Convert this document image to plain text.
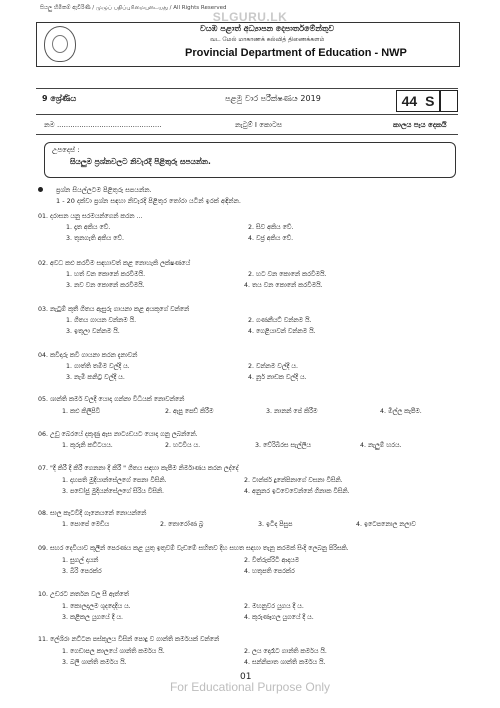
SLGURU.LK
For Educational Purpose Only
සියලු හිමිකම් ඇවිරිණි / முழுப் பதிப்புரிமையுடையது / All Rights Reserved
වයඹ පළාත් අධ්‍යාපන දෙපාර්තමේන්තුව
வட மேல் மாகாணக் கல்வித் திணைக்களம்
Provincial Department of Education - NWP
9 ශ්‍රේණිය	පළමු වාර පරීක්ෂණය
- 2019	44 S
නම ...............................................	නැටුම් I කොටස	කාලය පැය දෙකයි
උපදෙස් :
සියලුම ප්‍රශ්නවලට නිවැරදි පිළිතුරු සපයන්න.
ප්‍රශ්න සියල්ලටම පිළිතුරු සපයන්න.
1 - 20 දක්වා ප්‍රශ්න සඳහා නිවැරදි පිළිතුර තෝරා යටින් ඉරක් අඳින්න.
01. දරාසන යනු සරමයන්ගෙන් කරන ...
1. දෑත අකිය වේ.	2. සිව අකිය වේ.
3. තුනගැති අකිය වේ.	4. වජ්‍ර අකිය වේ.
02. අවධ කළු කරවීම සඳහාවත් කළ නොහැකි ලක්ෂණයේ
1. හත් වන කොනේ කරවීමයි.	2. හට වන කොනේ කරවීමයි.
3. නව වන කොනේ කරවීමයි.	4. තය වන කොනේ කරවීමයි.
03. නැටුම් කුතී ගීතය ඇසුරු ගායනා කළ අයකුගේ වන්නේ
1. ගීතය ගායන වන්නම යි.	2. ගණනීයට් වන්නම යි.
3. ඉතුලා වන්නම යි.	4. ගෙළියාවන් වන්නම යි.
04. කවිදාරු කවි ගායනා කරන දැනාවන්
1. ගාත්ති තමිම වල්දී ය.	2. වන්නම වල්දී ය.
3. නැමි කනිට්‍ර වල්දී ය.	4. නූර් නාඩක වල්දී ය.
05. ශාන්ති කර්ම වලදී යොදා ගන්නා විධියක් නොවන්නේ
1. කළු කිලිපිවී	2. ඇපු පෙඩ් කිරීම	3. නානන් පේ කිරීම	4. මිල්ල කැපීම.
06. උඩු බෙරයේ දකුණු ඇස නාට්‍යඩයට යොදා ගනු ලබන්නේ.
1. කුරුනි කට්ටයය.	2. හටවිය ය.	3. වේරිබිරස සැල්ලිය	4. නැලුම් හරය.
07. "දී කිරී දී කිරී ගෙනනා දී කිරී " ගීතය සඳහා කැපීම නිර්මාණය කරන ලද්දේ
1. දාහපති මුදියාන්සේලගේ පෙනා විසිනි.	2. ටාන්ජර් දුනේපිනාගේ වසනා විසිනි.
3. පඩෝජු මුදියන්සේලගේ සිරිය විසිනි.	4. අනුනර ඉටවෙවෙන්නේ ගිනාක විසිනි.
08. සාල කැටවිදී ගැනෙයනේ නොයන්නේ
1. පොපේ මෙඩිය	2. තොරෝණ බ්‍ර	3. ඉටිද පිසුප	4. ඉටෙපනොල නලාව
09. සහර දෙවියාව කුලීන් පෙරණය කළ යුතු ඉතුවම් වැඩමේ සහිතව දිහ සහත සඳහා තැනූ කරමක් සිංදි ලෙබනු පිරිසකි.
1. සුගල් දායන්	2. විත්රුප්රිටි ආදායම
3. බිරි පෙරක්ර	4. හතුපති පෙරක්ර
10. උඩරට නර්තන වල සී ඇත්තේ
1. කොලදලම ශුදදෙදිය ය.	2. මහනුවර යුගය දී ය.
3. කළිකල යුගයේ දී ය.	4. කුරුණෑගල යුගයේ දී ය.
11. ලේශිරා නට්ටන පස්කුලය විසින් පොදු ව ගාන්ති කර්මයක් වන්නේ
1. ගෙඩාපල කාලයේ ශාන්ති කර්මය යි.	2. ලය දොරෑට ගාන්ති කර්මය යි.
3. බලි ශාන්ති කර්මය යි.	4. සන්නිපාත ශාන්ති කර්මය යි.
01
